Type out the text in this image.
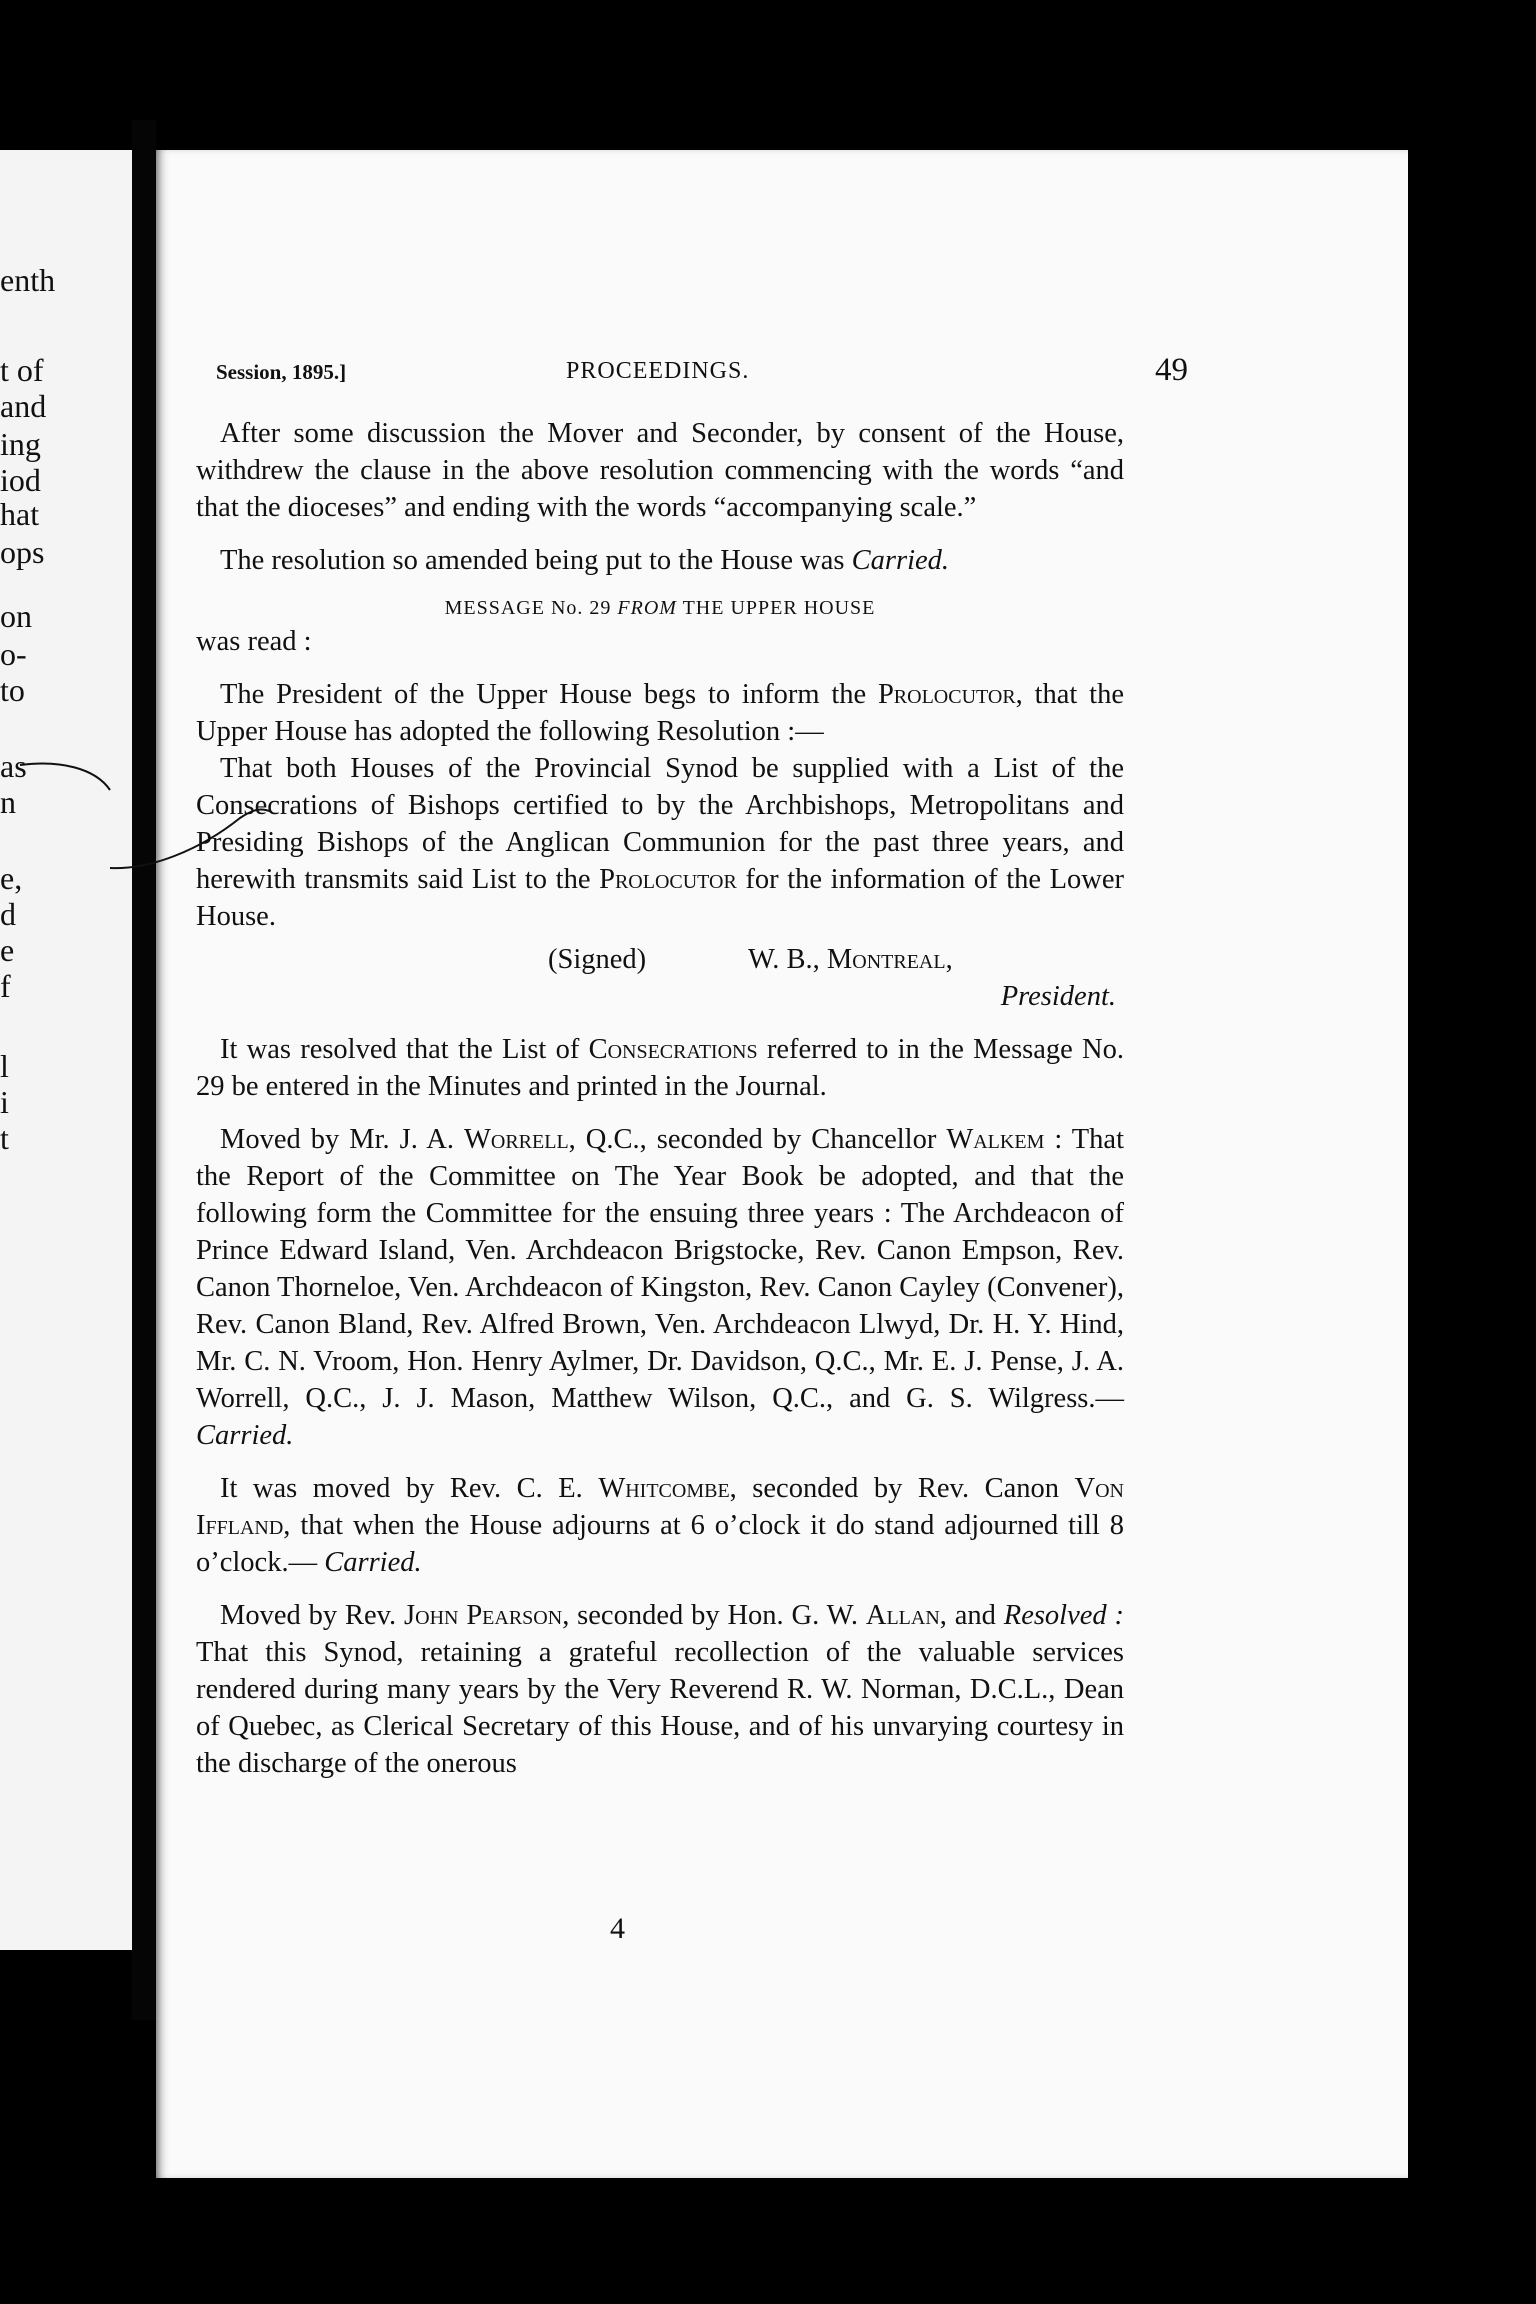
enth
t of
and
ing
iod
hat
ops
on
o-
to
as
n
e,
d
e
f
l
i
t
Session, 1895.]	PROCEEDINGS.	49

After some discussion the Mover and Seconder, by consent of the House, withdrew the clause in the above resolution commencing with the words “and that the dioceses” and ending with the words “accompanying scale.”

The resolution so amended being put to the House was Carried.

MESSAGE No. 29 FROM THE UPPER HOUSE

was read :

The President of the Upper House begs to inform the Prolocutor, that the Upper House has adopted the following Resolution :—

That both Houses of the Provincial Synod be supplied with a List of the Consecrations of Bishops certified to by the Archbishops, Metropolitans and Presiding Bishops of the Anglican Communion for the past three years, and herewith transmits said List to the Prolocutor for the information of the Lower House.

(Signed)	W. B., Montreal,
President.

It was resolved that the List of Consecrations referred to in the Message No. 29 be entered in the Minutes and printed in the Journal.

Moved by Mr. J. A. Worrell, Q.C., seconded by Chancellor Walkem : That the Report of the Committee on The Year Book be adopted, and that the following form the Committee for the ensuing three years : The Archdeacon of Prince Edward Island, Ven. Archdeacon Brigstocke, Rev. Canon Empson, Rev. Canon Thorneloe, Ven. Archdeacon of Kingston, Rev. Canon Cayley (Convener), Rev. Canon Bland, Rev. Alfred Brown, Ven. Archdeacon Llwyd, Dr. H. Y. Hind, Mr. C. N. Vroom, Hon. Henry Aylmer, Dr. Davidson, Q.C., Mr. E. J. Pense, J. A. Worrell, Q.C., J. J. Mason, Matthew Wilson, Q.C., and G. S. Wilgress.—Carried.

It was moved by Rev. C. E. Whitcombe, seconded by Rev. Canon Von Iffland, that when the House adjourns at 6 o’clock it do stand adjourned till 8 o’clock.— Carried.

Moved by Rev. John Pearson, seconded by Hon. G. W. Allan, and Resolved : That this Synod, retaining a grateful recollection of the valuable services rendered during many years by the Very Reverend R. W. Norman, D.C.L., Dean of Quebec, as Clerical Secretary of this House, and of his unvarying courtesy in the discharge of the onerous

4
